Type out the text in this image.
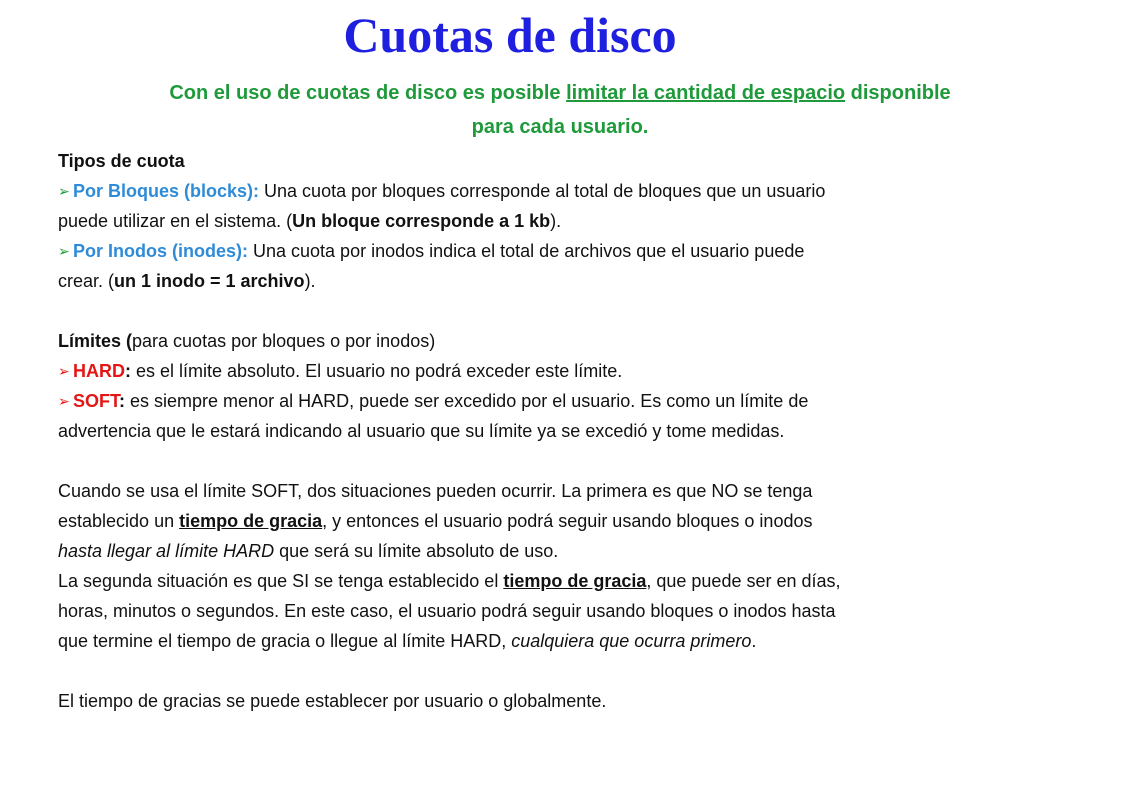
Cuotas de disco

Con el uso de cuotas de disco es posible limitar la cantidad de espacio disponible
para cada usuario.

Tipos de cuota
➢ Por Bloques (blocks): Una cuota por bloques corresponde al total de bloques que un usuario
puede utilizar en el sistema. (Un bloque corresponde a 1 kb).
➢ Por Inodos (inodes): Una cuota por inodos indica el total de archivos que el usuario puede
crear. (un 1 inodo = 1 archivo).
Límites (para cuotas por bloques o por inodos)
➢ HARD: es el límite absoluto. El usuario no podrá exceder este límite.
➢ SOFT: es siempre menor al HARD, puede ser excedido por el usuario. Es como un límite de
advertencia que le estará indicando al usuario que su límite ya se excedió y tome medidas.
Cuando se usa el límite SOFT, dos situaciones pueden ocurrir. La primera es que NO se tenga
establecido un tiempo de gracia, y entonces el usuario podrá seguir usando bloques o inodos
hasta llegar al límite HARD que será su límite absoluto de uso.
La segunda situación es que SI se tenga establecido el tiempo de gracia, que puede ser en días,
horas, minutos o segundos. En este caso, el usuario podrá seguir usando bloques o inodos hasta
que termine el tiempo de gracia o llegue al límite HARD, cualquiera que ocurra primero.
El tiempo de gracias se puede establecer por usuario o globalmente.
